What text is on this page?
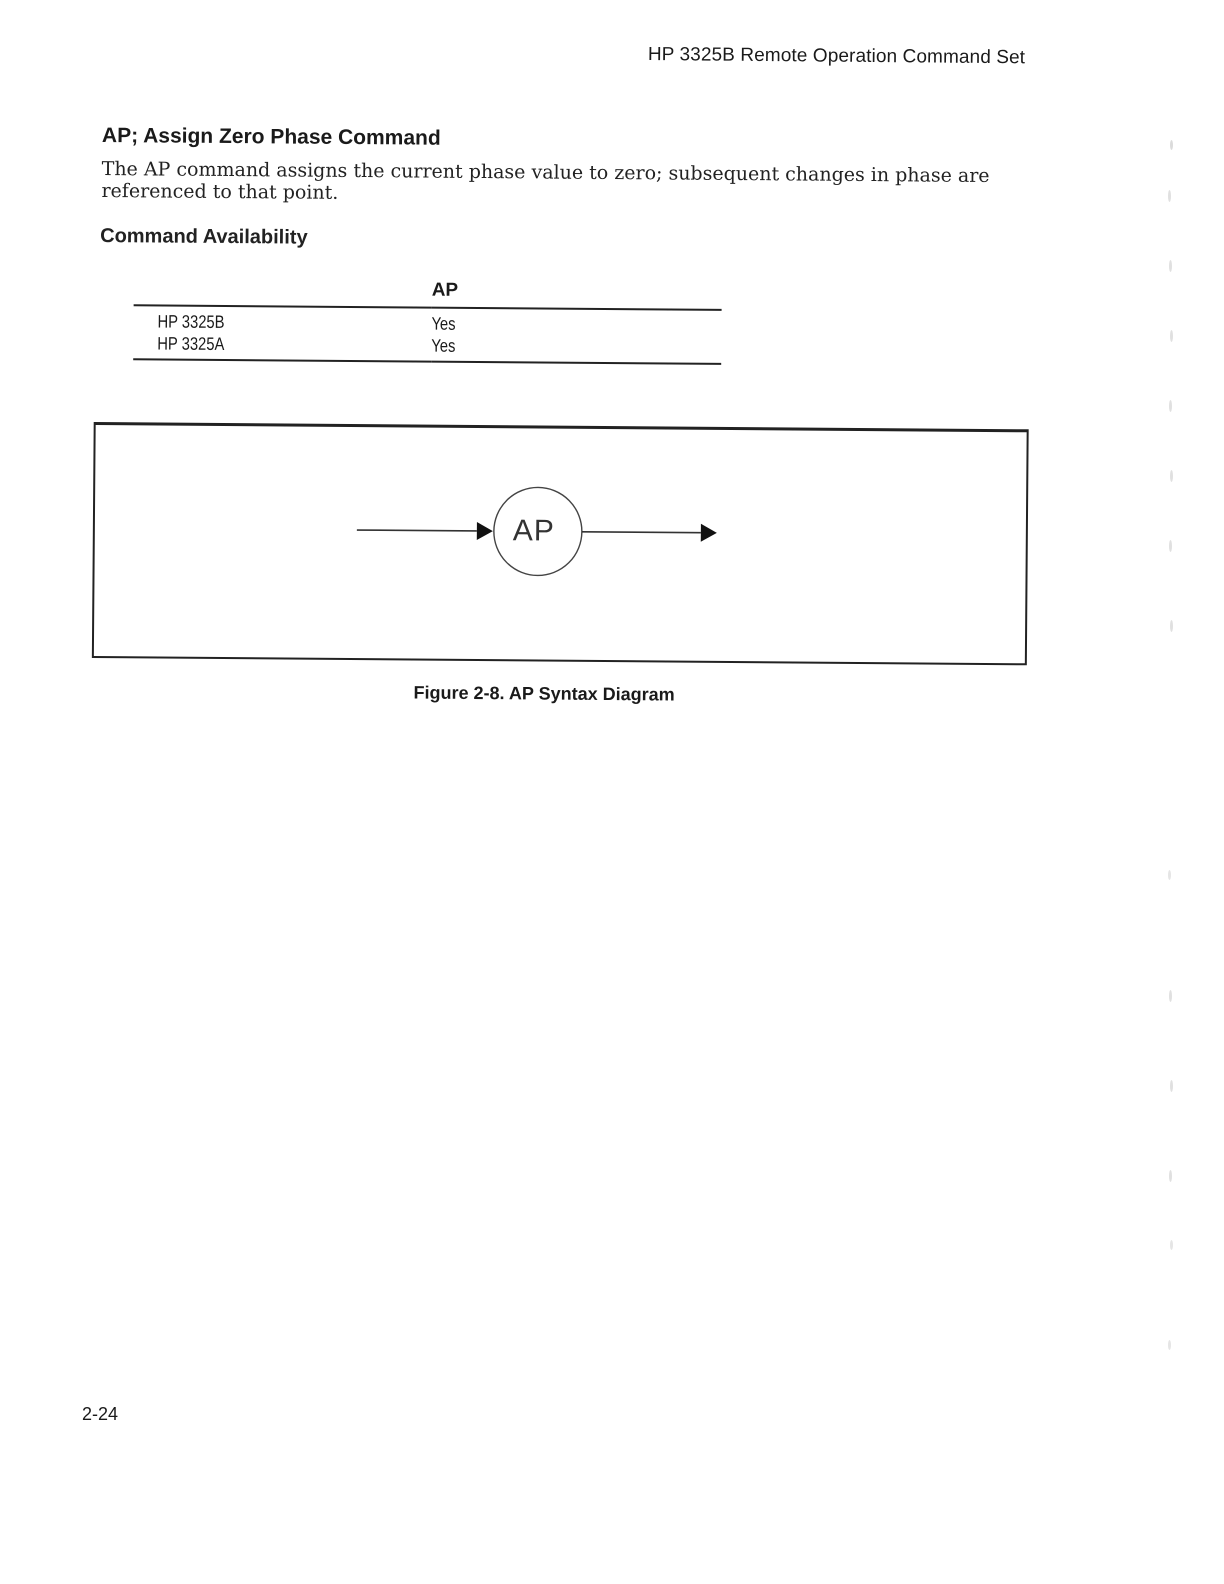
HP 3325B Remote Operation Command Set
AP; Assign Zero Phase Command

The AP command assigns the current phase value to zero; subsequent changes in phase are referenced to that point.

Command Availability
	AP
HP 3325B	Yes
HP 3325A	Yes
AP

Figure 2-8. AP Syntax Diagram

2-24
